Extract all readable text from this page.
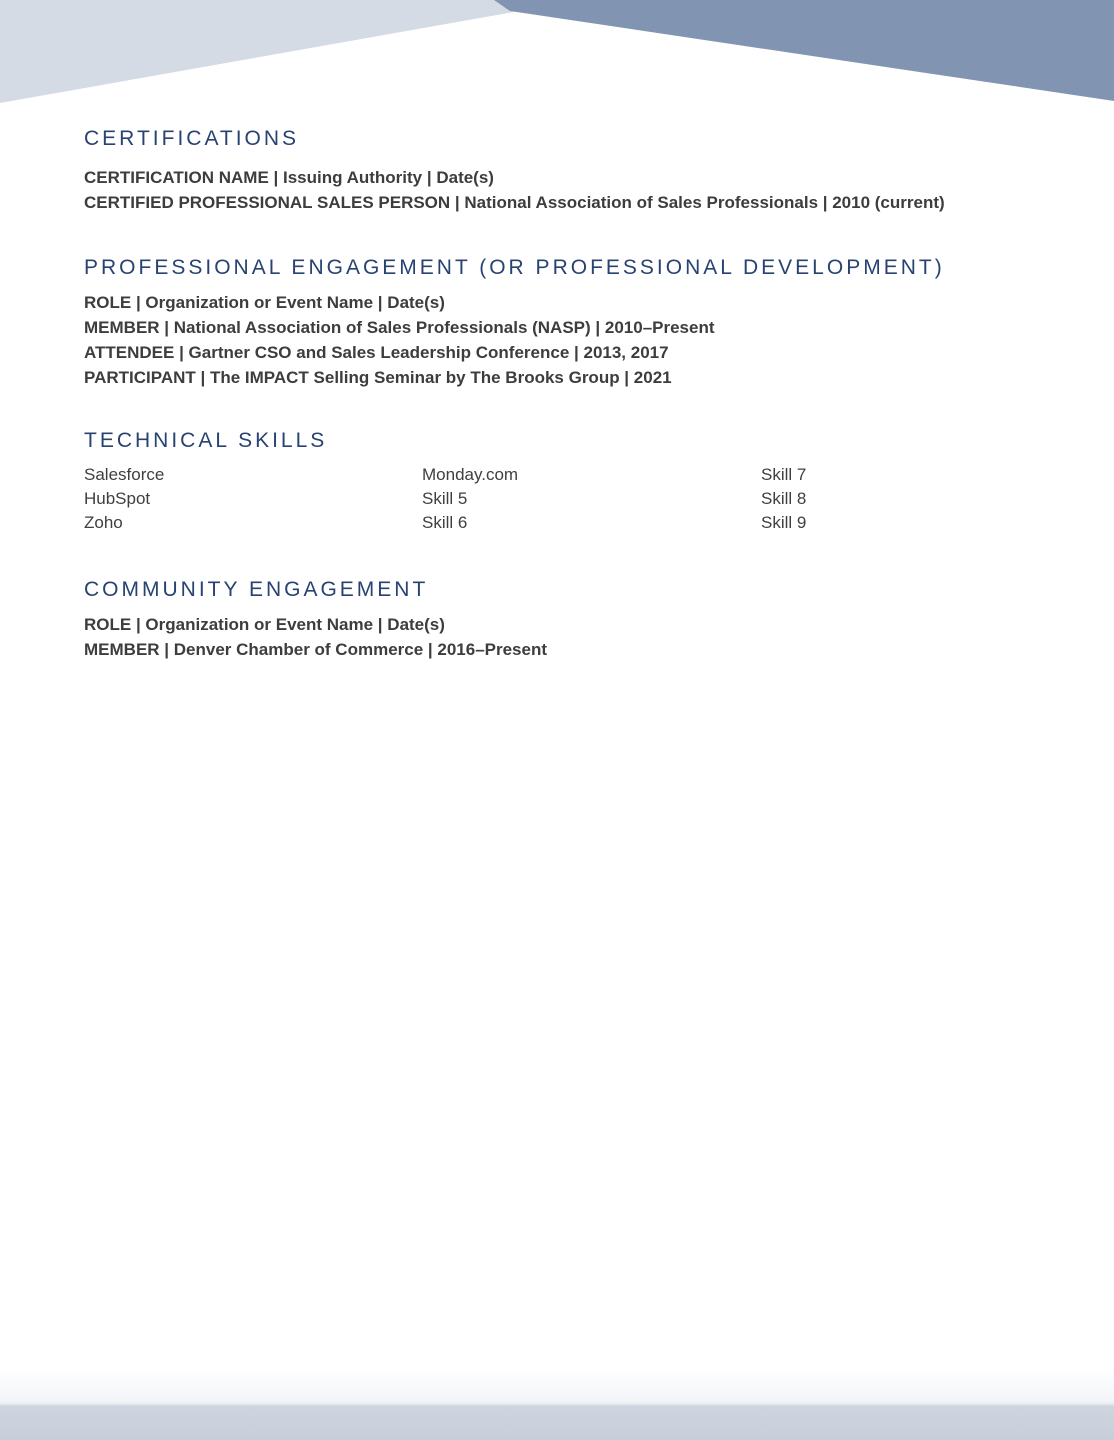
CERTIFICATIONS
CERTIFICATION NAME | Issuing Authority | Date(s)
CERTIFIED PROFESSIONAL SALES PERSON | National Association of Sales Professionals | 2010 (current)
PROFESSIONAL ENGAGEMENT (OR PROFESSIONAL DEVELOPMENT)
ROLE | Organization or Event Name | Date(s)
MEMBER | National Association of Sales Professionals (NASP) | 2010–Present
ATTENDEE | Gartner CSO and Sales Leadership Conference | 2013, 2017
PARTICIPANT | The IMPACT Selling Seminar by The Brooks Group | 2021
TECHNICAL SKILLS
Salesforce
HubSpot
Zoho
Monday.com
Skill 5
Skill 6
Skill 7
Skill 8
Skill 9
COMMUNITY ENGAGEMENT
ROLE | Organization or Event Name | Date(s)
MEMBER | Denver Chamber of Commerce | 2016–Present
